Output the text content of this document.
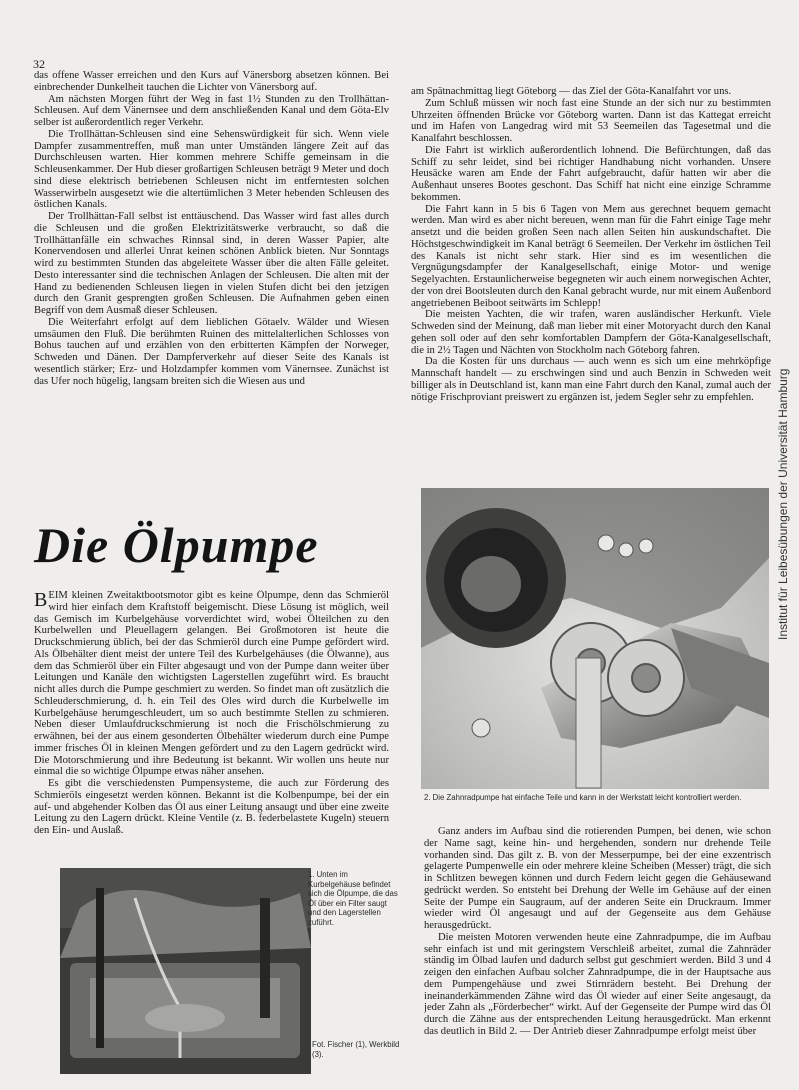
32

das offene Wasser erreichen und den Kurs auf Vänersborg absetzen können. Bei einbrechender Dunkelheit tauchen die Lichter von Vänersborg auf.

Am nächsten Morgen führt der Weg in fast 1½ Stunden zu den Trollhättan-Schleusen. Auf dem Vänernsee und dem anschließenden Kanal und dem Göta-Elv selber ist außerordentlich reger Verkehr.

Die Trollhättan-Schleusen sind eine Sehenswürdigkeit für sich. Wenn viele Dampfer zusammentreffen, muß man unter Umständen längere Zeit auf das Durchschleusen warten. Hier kommen mehrere Schiffe gemeinsam in die Schleusenkammer. Der Hub dieser großartigen Schleusen beträgt 9 Meter und doch sind diese elektrisch betriebenen Schleusen nicht im entferntesten solchen Wasserwirbeln ausgesetzt wie die altertümlichen 3 Meter hebenden Schleusen des östlichen Kanals.

Der Trollhättan-Fall selbst ist enttäuschend. Das Wasser wird fast alles durch die Schleusen und die großen Elektrizitätswerke verbraucht, so daß die Trollhättanfälle ein schwaches Rinnsal sind, in deren Wasser Papier, alte Konervendosen und allerlei Unrat keinen schönen Anblick bieten. Nur Sonntags wird zu bestimmten Stunden das abgeleitete Wasser über die alten Fälle geleitet. Desto interessanter sind die technischen Anlagen der Schleusen. Die alten mit der Hand zu bedienenden Schleusen liegen in vielen Stufen dicht bei den jetzigen durch den Granit gesprengten großen Schleusen. Die Aufnahmen geben einen Begriff von dem Ausmaß dieser Schleusen.

Die Weiterfahrt erfolgt auf dem lieblichen Götaelv. Wälder und Wiesen umsäumen den Fluß. Die berühmten Ruinen des mittelalterlichen Schlosses von Bohus tauchen auf und erzählen von den erbitterten Kämpfen der Norweger, Schweden und Dänen. Der Dampferverkehr auf dieser Seite des Kanals ist wesentlich stärker; Erz- und Holzdampfer kommen vom Vänernsee. Zunächst ist das Ufer noch hügelig, langsam breiten sich die Wiesen aus und

am Spätnachmittag liegt Göteborg — das Ziel der Göta-Kanalfahrt vor uns.

Zum Schluß müssen wir noch fast eine Stunde an der sich nur zu bestimmten Uhrzeiten öffnenden Brücke vor Göteborg warten. Dann ist das Kattegat erreicht und im Hafen von Langedrag wird mit 53 Seemeilen das Tagesetmal und die Kanalfahrt beschlossen.

Die Fahrt ist wirklich außerordentlich lohnend. Die Befürchtungen, daß das Schiff zu sehr leidet, sind bei richtiger Handhabung nicht vorhanden. Unsere Heusäcke waren am Ende der Fahrt aufgebraucht, dafür hatten wir aber die Außenhaut unseres Bootes geschont. Das Schiff hat nicht eine einzige Schramme bekommen.

Die Fahrt kann in 5 bis 6 Tagen von Mem aus gerechnet bequem gemacht werden. Man wird es aber nicht bereuen, wenn man für die Fahrt einige Tage mehr ansetzt und die beiden großen Seen nach allen Seiten hin auskundschaftet. Die Höchstgeschwindigkeit im Kanal beträgt 6 Seemeilen. Der Verkehr im östlichen Teil des Kanals ist nicht sehr stark. Hier sind es im wesentlichen die Vergnügungsdampfer der Kanalgesellschaft, einige Motor- und wenige Segelyachten. Erstaunlicherweise begegneten wir auch einem norwegischen Achter, der von drei Bootsleuten durch den Kanal gebracht wurde, nur mit einem Außenbord angetriebenen Beiboot seitwärts im Schlepp!

Die meisten Yachten, die wir trafen, waren ausländischer Herkunft. Viele Schweden sind der Meinung, daß man lieber mit einer Motoryacht durch den Kanal gehen soll oder auf den sehr komfortablen Dampfern der Göta-Kanalgesellschaft, die in 2½ Tagen und Nächten von Stockholm nach Göteborg fahren.

Da die Kosten für uns durchaus — auch wenn es sich um eine mehrköpfige Mannschaft handelt — zu erschwingen sind und auch Benzin in Schweden weit billiger als in Deutschland ist, kann man eine Fahrt durch den Kanal, zumal auch der nötige Frischproviant preiswert zu ergänzen ist, jedem Segler sehr zu empfehlen.

Die Ölpumpe

BEIM kleinen Zweitaktbootsmotor gibt es keine Ölpumpe, denn das Schmieröl wird hier einfach dem Kraftstoff beigemischt. Diese Lösung ist möglich, weil das Gemisch im Kurbelgehäuse vorverdichtet wird, wobei Ölteilchen zu den Kurbelwellen und Pleuellagern gelangen. Bei Großmotoren ist heute die Druckschmierung üblich, bei der das Schmieröl durch eine Pumpe gefördert wird. Als Ölbehälter dient meist der untere Teil des Kurbelgehäuses (die Ölwanne), aus dem das Schmieröl über ein Filter abgesaugt und von der Pumpe dann weiter über Leitungen und Kanäle den wichtigsten Lagerstellen zugeführt wird. Es braucht nicht alles durch die Pumpe geschmiert zu werden. So findet man oft zusätzlich die Schleuderschmierung, d. h. ein Teil des Oles wird durch die Kurbelwelle im Kurbelgehäuse herumgeschleudert, um so auch bestimmte Stellen zu schmieren. Neben dieser Umlaufdruckschmierung ist noch die Frischölschmierung zu erwähnen, bei der aus einem gesonderten Ölbehälter wiederum durch eine Pumpe immer frisches Öl in kleinen Mengen gefördert und zu den Lagern gedrückt wird. Die Motorschmierung und ihre Bedeutung ist bekannt. Wir wollen uns heute nur einmal die so wichtige Ölpumpe etwas näher ansehen.

Es gibt die verschiedensten Pumpensysteme, die auch zur Förderung des Schmieröls eingesetzt werden können. Bekannt ist die Kolbenpumpe, bei der ein auf- und abgehender Kolben das Öl aus einer Leitung ansaugt und über eine zweite Leitung zu den Lagern drückt. Kleine Ventile (z. B. federbelastete Kugeln) steuern den Ein- und Auslaß.

2. Die Zahnradpumpe hat einfache Teile und kann in der Werkstatt leicht kontrolliert werden.

Ganz anders im Aufbau sind die rotierenden Pumpen, bei denen, wie schon der Name sagt, keine hin- und hergehenden, sondern nur drehende Teile vorhanden sind. Das gilt z. B. von der Messerpumpe, bei der eine exzentrisch gelagerte Pumpenwelle ein oder mehrere kleine Scheiben (Messer) trägt, die sich in Schlitzen bewegen können und durch Federn leicht gegen die Gehäusewand gedrückt werden. So entsteht bei Drehung der Welle im Gehäuse auf der einen Seite der Pumpe ein Saugraum, auf der anderen Seite ein Druckraum. Immer wieder wird Öl angesaugt und auf der Gegenseite aus dem Gehäuse herausgedrückt.

Die meisten Motoren verwenden heute eine Zahnradpumpe, die im Aufbau sehr einfach ist und mit geringstem Verschleiß arbeitet, zumal die Zahnräder ständig im Ölbad laufen und dadurch selbst gut geschmiert werden. Bild 3 und 4 zeigen den einfachen Aufbau solcher Zahnradpumpe, die in der Hauptsache aus dem Pumpengehäuse und zwei Stirnrädern besteht. Bei Drehung der ineinanderkämmenden Zähne wird das Öl wieder auf einer Seite angesaugt, da jeder Zahn als „Förderbecher“ wirkt. Auf der Gegenseite der Pumpe wird das Öl durch die Zähne aus der entsprechenden Leitung herausgedrückt. Man erkennt das deutlich in Bild 2. — Der Antrieb dieser Zahnradpumpe erfolgt meist über

1. Unten im Kurbelgehäuse befindet sich die Ölpumpe, die das Öl über ein Filter saugt und den Lagerstellen zuführt.
Fot. Fischer (1), Werkbild (3).
Institut für Leibesübungen der Universität Hamburg
